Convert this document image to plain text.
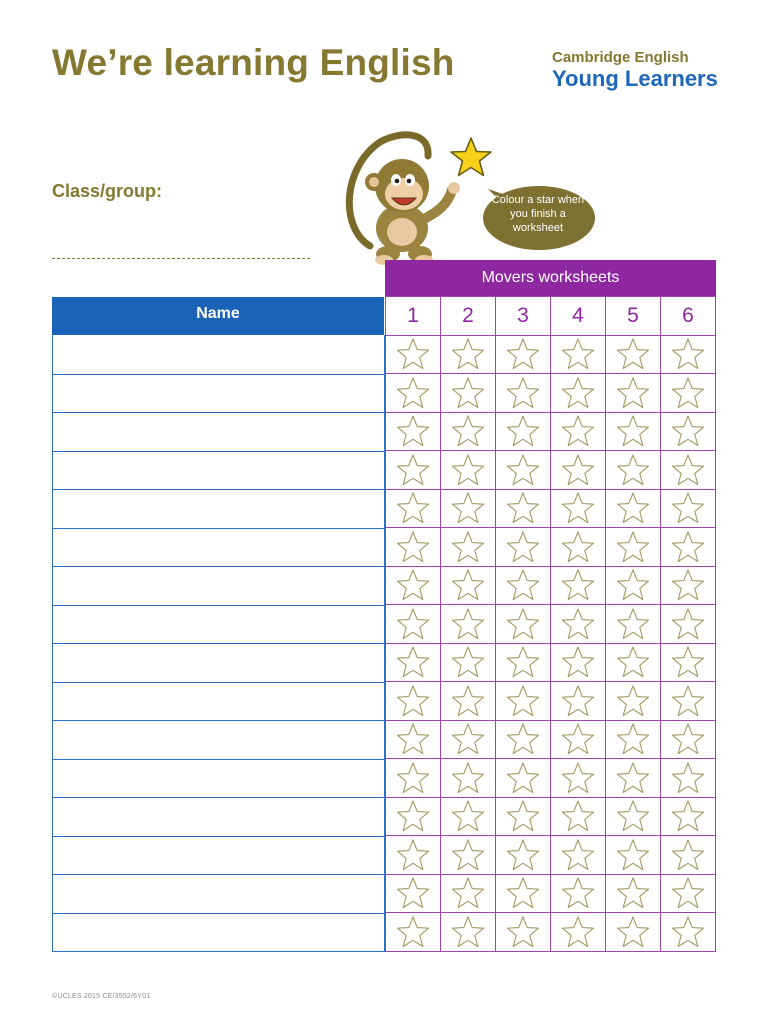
We’re learning English	Cambridge English
Young Learners
Class/group:	Colour a star when you finish a worksheet
Movers worksheets
Name	1	2	3	4	5	6
©UCLES 2015 CE/3552/6Y01
